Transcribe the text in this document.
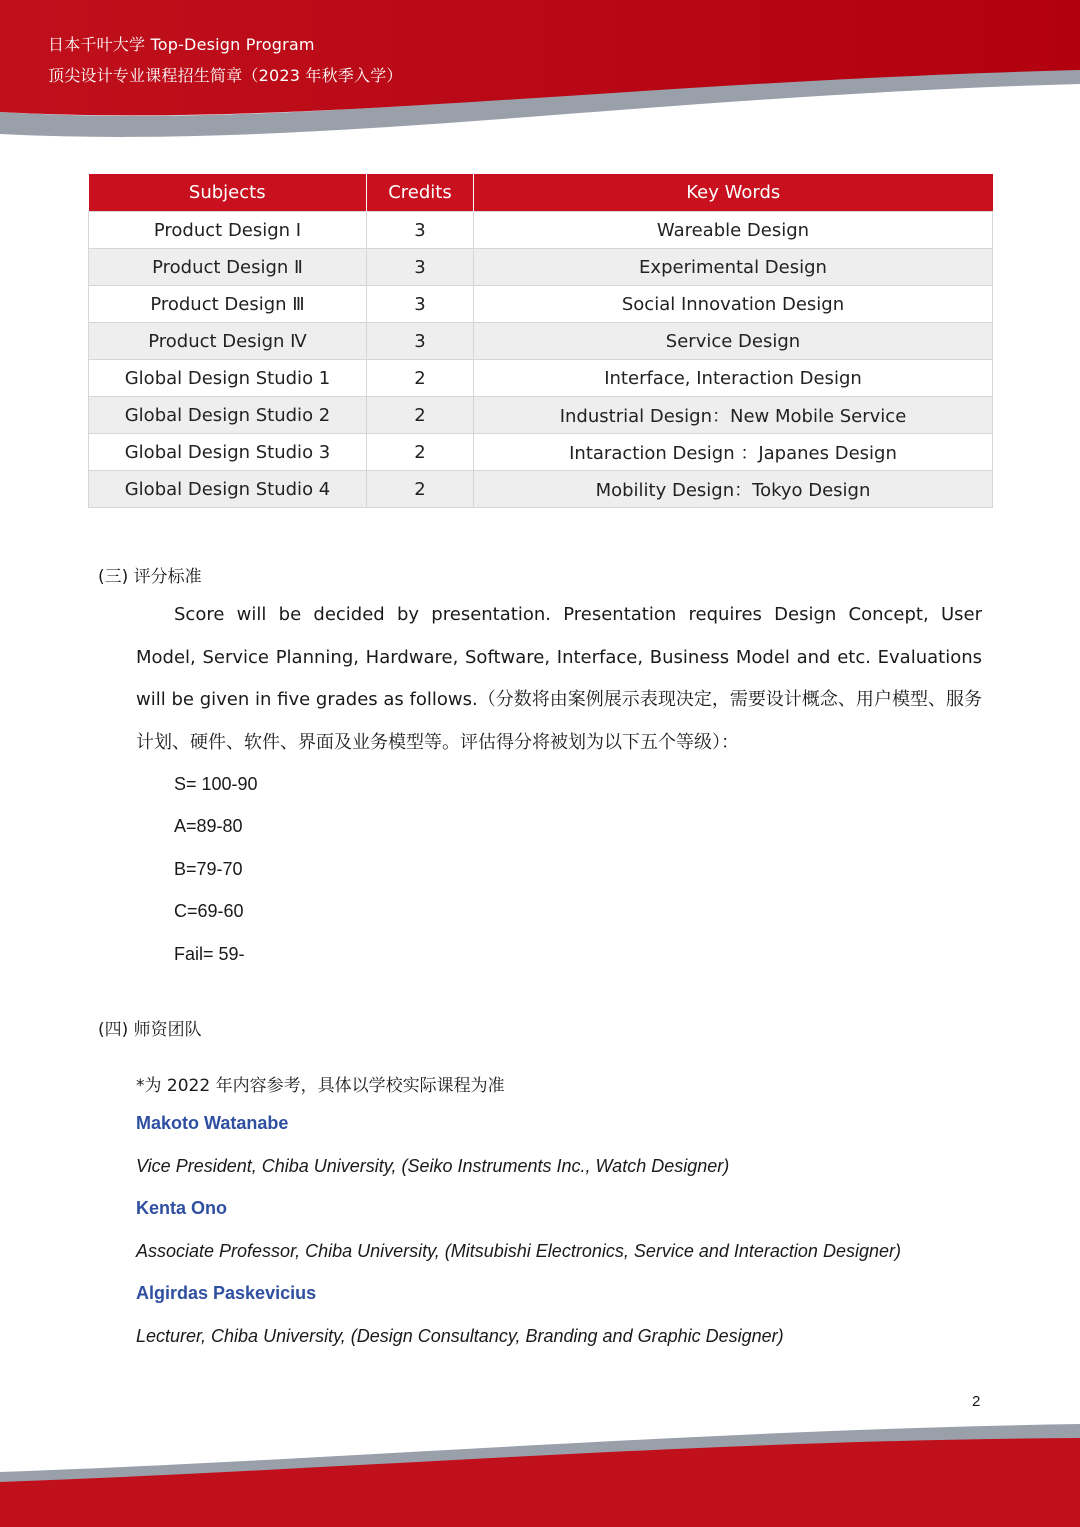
日本千叶大学 Top-Design Program
顶尖设计专业课程招生简章（2023 年秋季入学）
Subjects	Credits	Key Words
Product Design Ⅰ	3	Wareable Design
Product Design Ⅱ	3	Experimental Design
Product Design Ⅲ	3	Social Innovation Design
Product Design Ⅳ	3	Service Design
Global Design Studio 1	2	Interface, Interaction Design
Global Design Studio 2	2	Industrial Design：New Mobile Service
Global Design Studio 3	2	Intaraction Design ：Japanes Design
Global Design Studio 4	2	Mobility Design：Tokyo Design
(三) 评分标准
Score will be decided by presentation. Presentation requires Design Concept, User Model, Service Planning, Hardware, Software, Interface, Business Model and etc. Evaluations will be given in five grades as follows.（分数将由案例展示表现决定，需要设计概念、用户模型、服务计划、硬件、软件、界面及业务模型等。评估得分将被划为以下五个等级）：
S= 100-90
A=89-80
B=79-70
C=69-60
Fail= 59-
(四) 师资团队
*为 2022 年内容参考，具体以学校实际课程为准
Makoto Watanabe
Vice President, Chiba University, (Seiko Instruments Inc., Watch Designer)
Kenta Ono
Associate Professor, Chiba University, (Mitsubishi Electronics, Service and Interaction Designer)
Algirdas Paskevicius
Lecturer, Chiba University, (Design Consultancy, Branding and Graphic Designer)
2
